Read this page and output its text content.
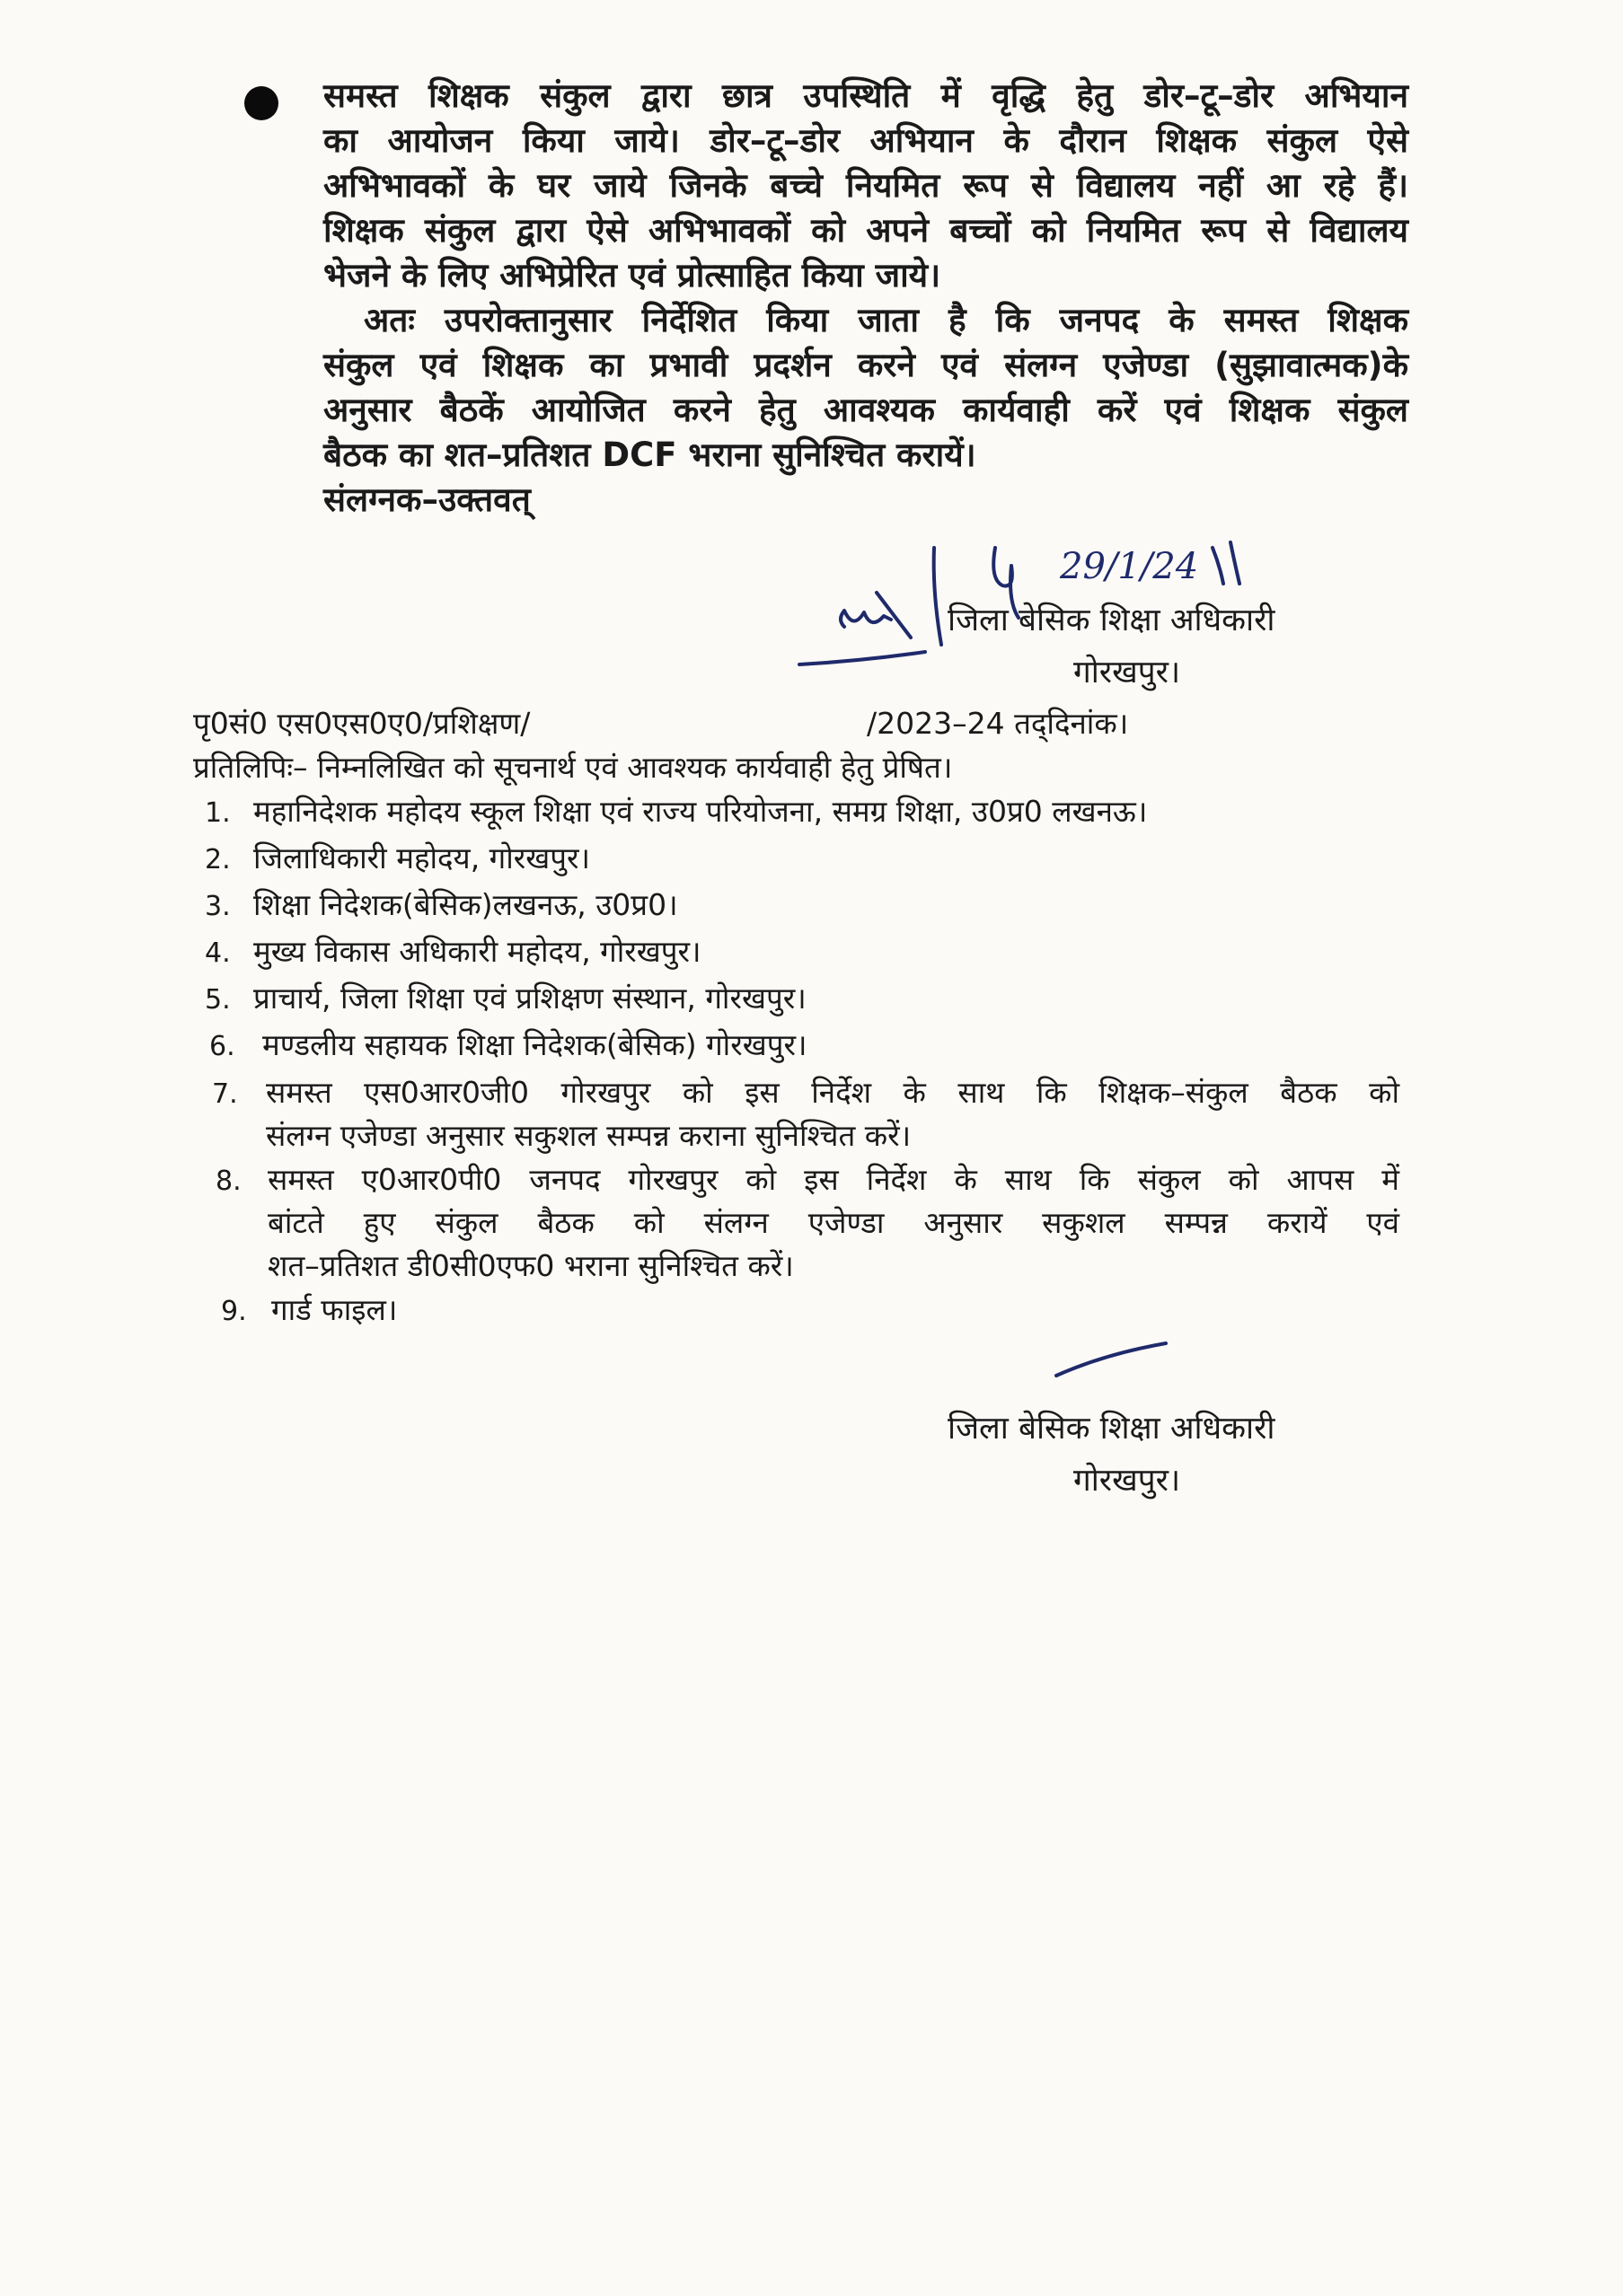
समस्त शिक्षक संकुल द्वारा छात्र उपस्थिति में वृद्धि हेतु डोर–टू–डोर अभियान
का आयोजन किया जाये। डोर–टू–डोर अभियान के दौरान शिक्षक संकुल ऐसे
अभिभावकों के घर जाये जिनके बच्चे नियमित रूप से विद्यालय नहीं आ रहे हैं।
शिक्षक संकुल द्वारा ऐसे अभिभावकों को अपने बच्चों को नियमित रूप से विद्यालय
भेजने के लिए अभिप्रेरित एवं प्रोत्साहित किया जाये।
अतः उपरोक्तानुसार निर्देशित किया जाता है कि जनपद के समस्त शिक्षक
संकुल एवं शिक्षक का प्रभावी प्रदर्शन करने एवं संलग्न एजेण्डा (सुझावात्मक)के
अनुसार बैठकें आयोजित करने हेतु आवश्यक कार्यवाही करें एवं शिक्षक संकुल
बैठक का शत–प्रतिशत DCF भराना सुनिश्चित करायें।
संलग्नक–उक्तवत्
29/1/24
जिला बेसिक शिक्षा अधिकारी
गोरखपुर।
पृ0सं0 एस0एस0ए0/प्रशिक्षण/	/2023–24 तद्‌दिनांक।
प्रतिलिपिः– निम्नलिखित को सूचनार्थ एवं आवश्यक कार्यवाही हेतु प्रेषित।
1. महानिदेशक महोदय स्कूल शिक्षा एवं राज्य परियोजना, समग्र शिक्षा, उ0प्र0 लखनऊ।
2. जिलाधिकारी महोदय, गोरखपुर।
3. शिक्षा निदेशक(बेसिक)लखनऊ, उ0प्र0।
4. मुख्य विकास अधिकारी महोदय, गोरखपुर।
5. प्राचार्य, जिला शिक्षा एवं प्रशिक्षण संस्थान, गोरखपुर।
6. मण्डलीय सहायक शिक्षा निदेशक(बेसिक) गोरखपुर।
7. समस्त एस0आर0जी0 गोरखपुर को इस निर्देश के साथ कि शिक्षक–संकुल बैठक को
संलग्न एजेण्डा अनुसार सकुशल सम्पन्न कराना सुनिश्चित करें।
8. समस्त ए0आर0पी0 जनपद गोरखपुर को इस निर्देश के साथ कि संकुल को आपस में
बांटते हुए संकुल बैठक को संलग्न एजेण्डा अनुसार सकुशल सम्पन्न करायें एवं
शत–प्रतिशत डी0सी0एफ0 भराना सुनिश्चित करें।
9. गार्ड फाइल।
जिला बेसिक शिक्षा अधिकारी
गोरखपुर।
